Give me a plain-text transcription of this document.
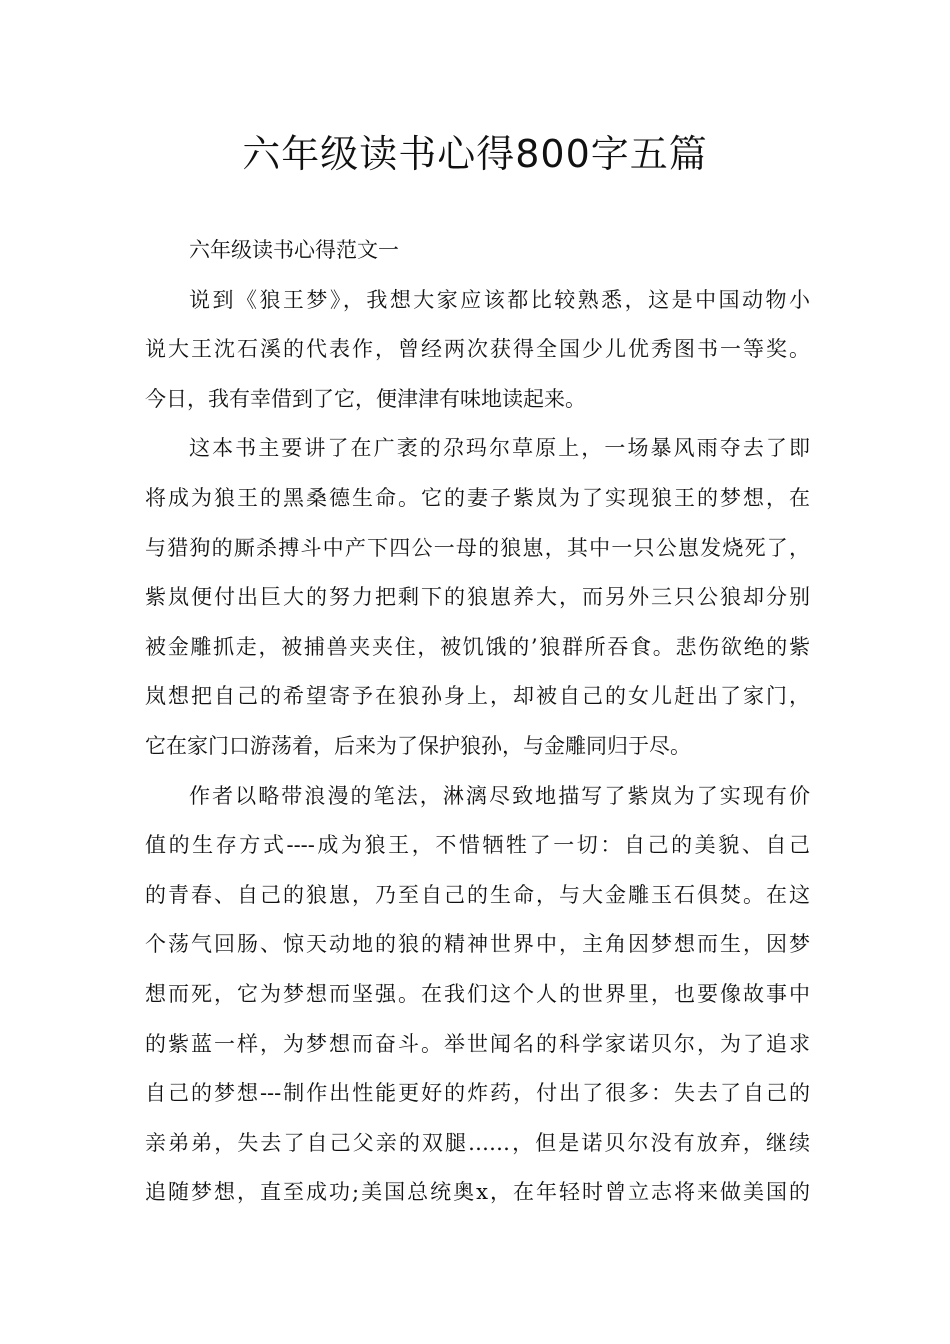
六年级读书心得800字五篇
六年级读书心得范文一
说到《狼王梦》，我想大家应该都比较熟悉，这是中国动物小
说大王沈石溪的代表作，曾经两次获得全国少儿优秀图书一等奖。
今日，我有幸借到了它，便津津有味地读起来。
这本书主要讲了在广袤的尕玛尔草原上，一场暴风雨夺去了即
将成为狼王的黑桑德生命。它的妻子紫岚为了实现狼王的梦想，在
与猎狗的厮杀搏斗中产下四公一母的狼崽，其中一只公崽发烧死了，
紫岚便付出巨大的努力把剩下的狼崽养大，而另外三只公狼却分别
被金雕抓走，被捕兽夹夹住，被饥饿的’狼群所吞食。悲伤欲绝的紫
岚想把自己的希望寄予在狼孙身上，却被自己的女儿赶出了家门，
它在家门口游荡着，后来为了保护狼孙，与金雕同归于尽。
作者以略带浪漫的笔法，淋漓尽致地描写了紫岚为了实现有价
值的生存方式----成为狼王，不惜牺牲了一切：自己的美貌、自己
的青春、自己的狼崽，乃至自己的生命，与大金雕玉石俱焚。在这
个荡气回肠、惊天动地的狼的精神世界中，主角因梦想而生，因梦
想而死，它为梦想而坚强。在我们这个人的世界里，也要像故事中
的紫蓝一样，为梦想而奋斗。举世闻名的科学家诺贝尔，为了追求
自己的梦想---制作出性能更好的炸药，付出了很多：失去了自己的
亲弟弟，失去了自己父亲的双腿……，但是诺贝尔没有放弃，继续
追随梦想，直至成功;美国总统奥x，在年轻时曾立志将来做美国的
